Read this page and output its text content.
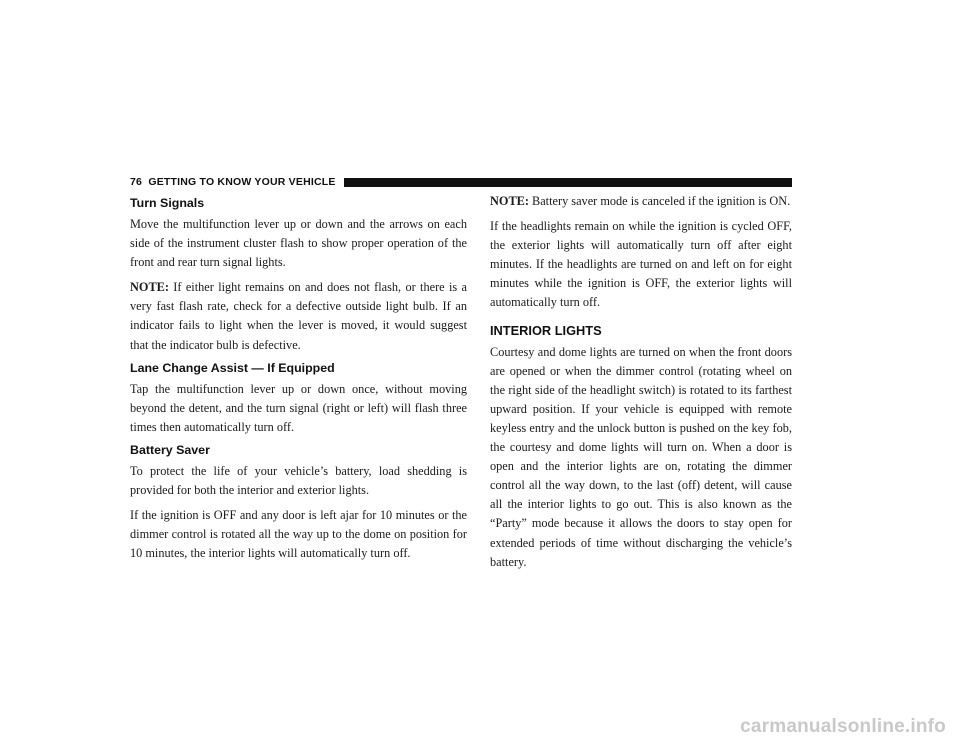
76 GETTING TO KNOW YOUR VEHICLE
Turn Signals

Move the multifunction lever up or down and the arrows on each side of the instrument cluster flash to show proper operation of the front and rear turn signal lights.

NOTE: If either light remains on and does not flash, or there is a very fast flash rate, check for a defective outside light bulb. If an indicator fails to light when the lever is moved, it would suggest that the indicator bulb is defective.

Lane Change Assist — If Equipped

Tap the multifunction lever up or down once, without moving beyond the detent, and the turn signal (right or left) will flash three times then automatically turn off.

Battery Saver

To protect the life of your vehicle’s battery, load shedding is provided for both the interior and exterior lights.

If the ignition is OFF and any door is left ajar for 10 minutes or the dimmer control is rotated all the way up to the dome on position for 10 minutes, the interior lights will automatically turn off.

NOTE: Battery saver mode is canceled if the ignition is ON.

If the headlights remain on while the ignition is cycled OFF, the exterior lights will automatically turn off after eight minutes. If the headlights are turned on and left on for eight minutes while the ignition is OFF, the exterior lights will automatically turn off.

INTERIOR LIGHTS

Courtesy and dome lights are turned on when the front doors are opened or when the dimmer control (rotating wheel on the right side of the headlight switch) is rotated to its farthest upward position. If your vehicle is equipped with remote keyless entry and the unlock button is pushed on the key fob, the courtesy and dome lights will turn on. When a door is open and the interior lights are on, rotating the dimmer control all the way down, to the last (off) detent, will cause all the interior lights to go out. This is also known as the “Party” mode because it allows the doors to stay open for extended periods of time without discharging the vehicle’s battery.

carmanualsonline.info
